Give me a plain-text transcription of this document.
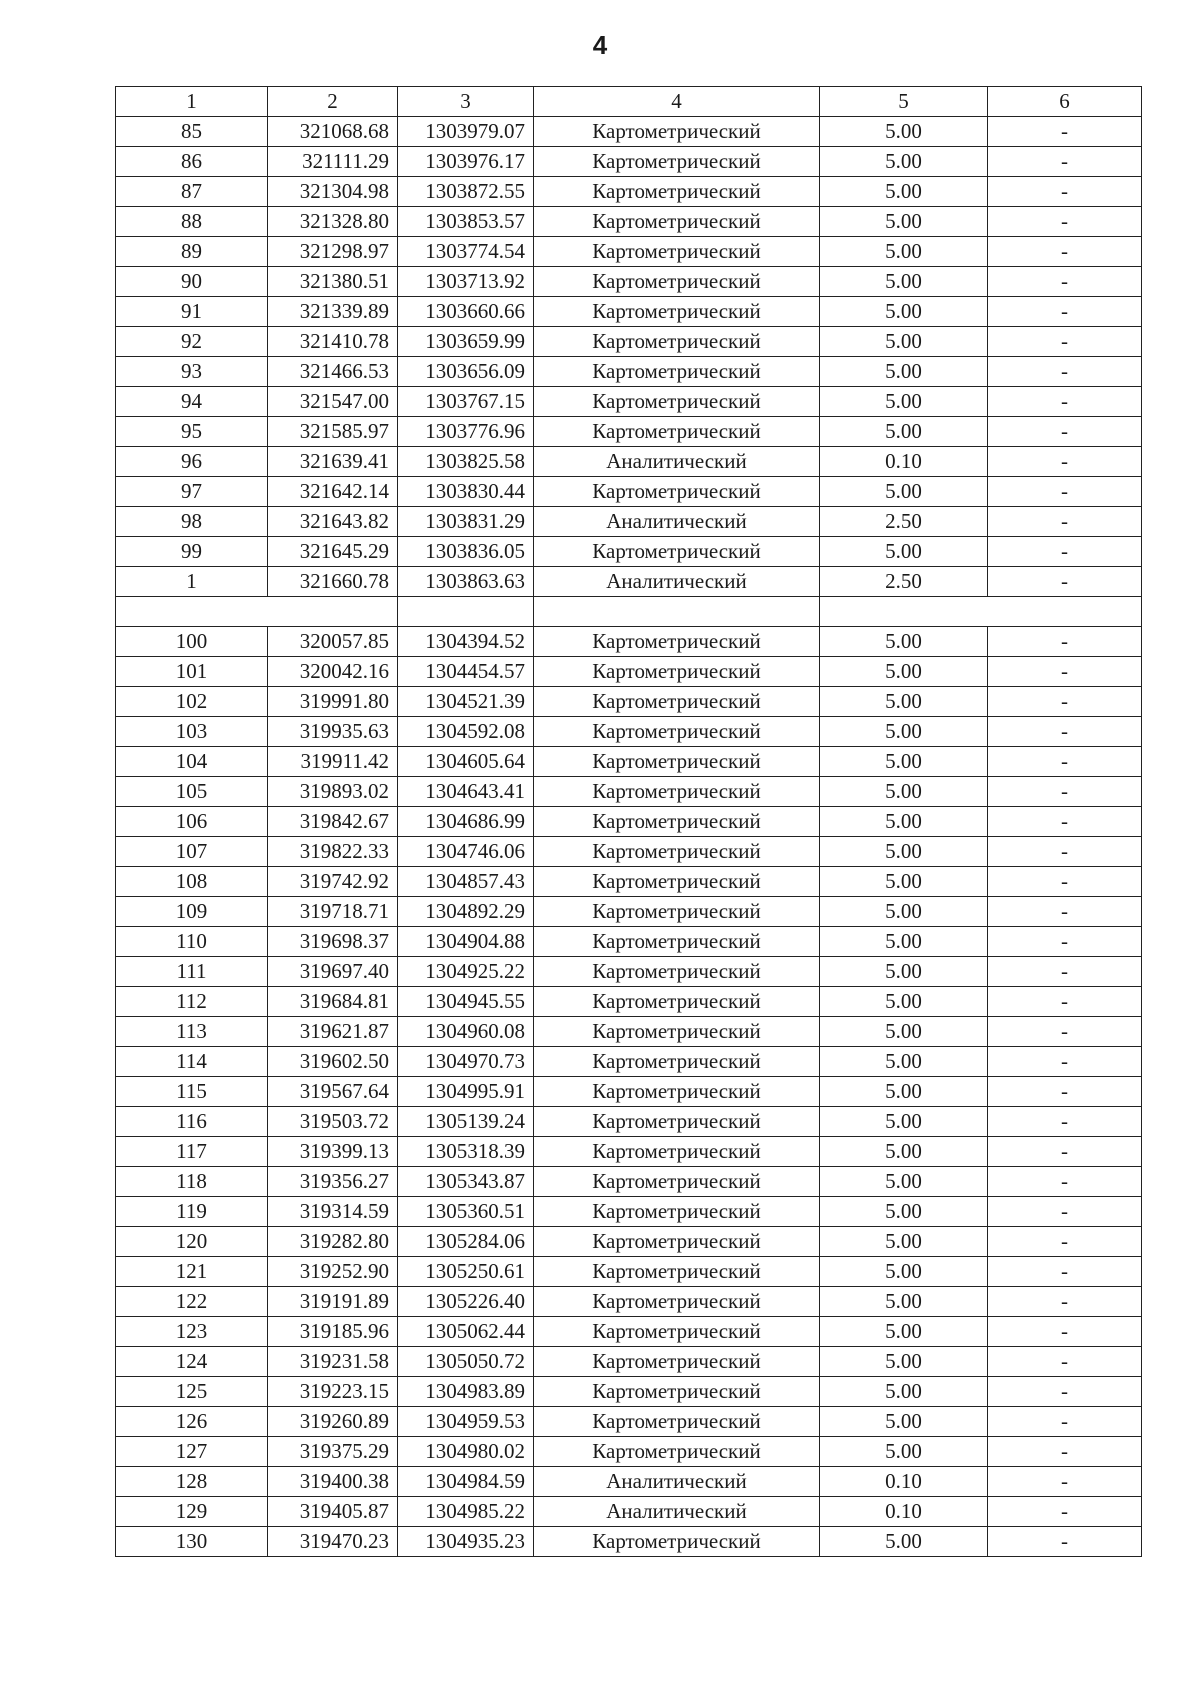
4
1	2	3	4	5	6
85	321068.68	1303979.07	Картометрический	5.00	-
86	321111.29	1303976.17	Картометрический	5.00	-
87	321304.98	1303872.55	Картометрический	5.00	-
88	321328.80	1303853.57	Картометрический	5.00	-
89	321298.97	1303774.54	Картометрический	5.00	-
90	321380.51	1303713.92	Картометрический	5.00	-
91	321339.89	1303660.66	Картометрический	5.00	-
92	321410.78	1303659.99	Картометрический	5.00	-
93	321466.53	1303656.09	Картометрический	5.00	-
94	321547.00	1303767.15	Картометрический	5.00	-
95	321585.97	1303776.96	Картометрический	5.00	-
96	321639.41	1303825.58	Аналитический	0.10	-
97	321642.14	1303830.44	Картометрический	5.00	-
98	321643.82	1303831.29	Аналитический	2.50	-
99	321645.29	1303836.05	Картометрический	5.00	-
1	321660.78	1303863.63	Аналитический	2.50	-

100	320057.85	1304394.52	Картометрический	5.00	-
101	320042.16	1304454.57	Картометрический	5.00	-
102	319991.80	1304521.39	Картометрический	5.00	-
103	319935.63	1304592.08	Картометрический	5.00	-
104	319911.42	1304605.64	Картометрический	5.00	-
105	319893.02	1304643.41	Картометрический	5.00	-
106	319842.67	1304686.99	Картометрический	5.00	-
107	319822.33	1304746.06	Картометрический	5.00	-
108	319742.92	1304857.43	Картометрический	5.00	-
109	319718.71	1304892.29	Картометрический	5.00	-
110	319698.37	1304904.88	Картометрический	5.00	-
111	319697.40	1304925.22	Картометрический	5.00	-
112	319684.81	1304945.55	Картометрический	5.00	-
113	319621.87	1304960.08	Картометрический	5.00	-
114	319602.50	1304970.73	Картометрический	5.00	-
115	319567.64	1304995.91	Картометрический	5.00	-
116	319503.72	1305139.24	Картометрический	5.00	-
117	319399.13	1305318.39	Картометрический	5.00	-
118	319356.27	1305343.87	Картометрический	5.00	-
119	319314.59	1305360.51	Картометрический	5.00	-
120	319282.80	1305284.06	Картометрический	5.00	-
121	319252.90	1305250.61	Картометрический	5.00	-
122	319191.89	1305226.40	Картометрический	5.00	-
123	319185.96	1305062.44	Картометрический	5.00	-
124	319231.58	1305050.72	Картометрический	5.00	-
125	319223.15	1304983.89	Картометрический	5.00	-
126	319260.89	1304959.53	Картометрический	5.00	-
127	319375.29	1304980.02	Картометрический	5.00	-
128	319400.38	1304984.59	Аналитический	0.10	-
129	319405.87	1304985.22	Аналитический	0.10	-
130	319470.23	1304935.23	Картометрический	5.00	-
